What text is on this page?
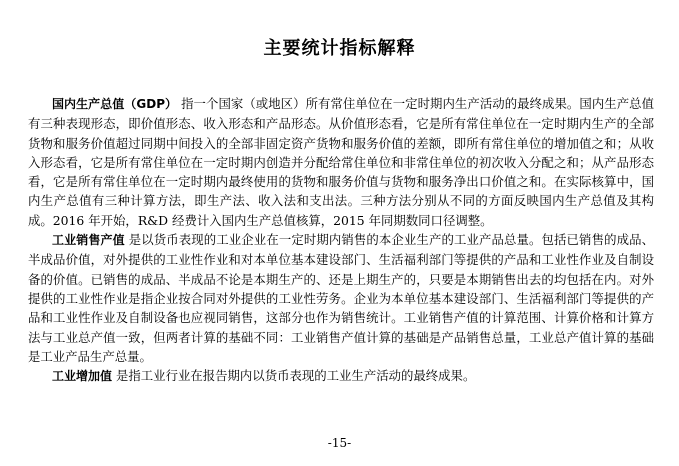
主要统计指标解释

国内生产总值（GDP） 指一个国家（或地区）所有常住单位在一定时期内生产活动的最终成果。国内生产总值有三种表现形态，即价值形态、收入形态和产品形态。从价值形态看，它是所有常住单位在一定时期内生产的全部货物和服务价值超过同期中间投入的全部非固定资产货物和服务价值的差额，即所有常住单位的增加值之和；从收入形态看，它是所有常住单位在一定时期内创造并分配给常住单位和非常住单位的初次收入分配之和；从产品形态看，它是所有常住单位在一定时期内最终使用的货物和服务价值与货物和服务净出口价值之和。在实际核算中，国内生产总值有三种计算方法，即生产法、收入法和支出法。三种方法分别从不同的方面反映国内生产总值及其构成。2016 年开始，R&D 经费计入国内生产总值核算，2015 年同期数同口径调整。

工业销售产值 是以货币表现的工业企业在一定时期内销售的本企业生产的工业产品总量。包括已销售的成品、半成品价值，对外提供的工业性作业和对本单位基本建设部门、生活福利部门等提供的产品和工业性作业及自制设备的价值。已销售的成品、半成品不论是本期生产的、还是上期生产的，只要是本期销售出去的均包括在内。对外提供的工业性作业是指企业按合同对外提供的工业性劳务。企业为本单位基本建设部门、生活福利部门等提供的产品和工业性作业及自制设备也应视同销售，这部分也作为销售统计。工业销售产值的计算范围、计算价格和计算方法与工业总产值一致，但两者计算的基础不同：工业销售产值计算的基础是产品销售总量，工业总产值计算的基础是工业产品生产总量。

工业增加值 是指工业行业在报告期内以货币表现的工业生产活动的最终成果。

-15-
